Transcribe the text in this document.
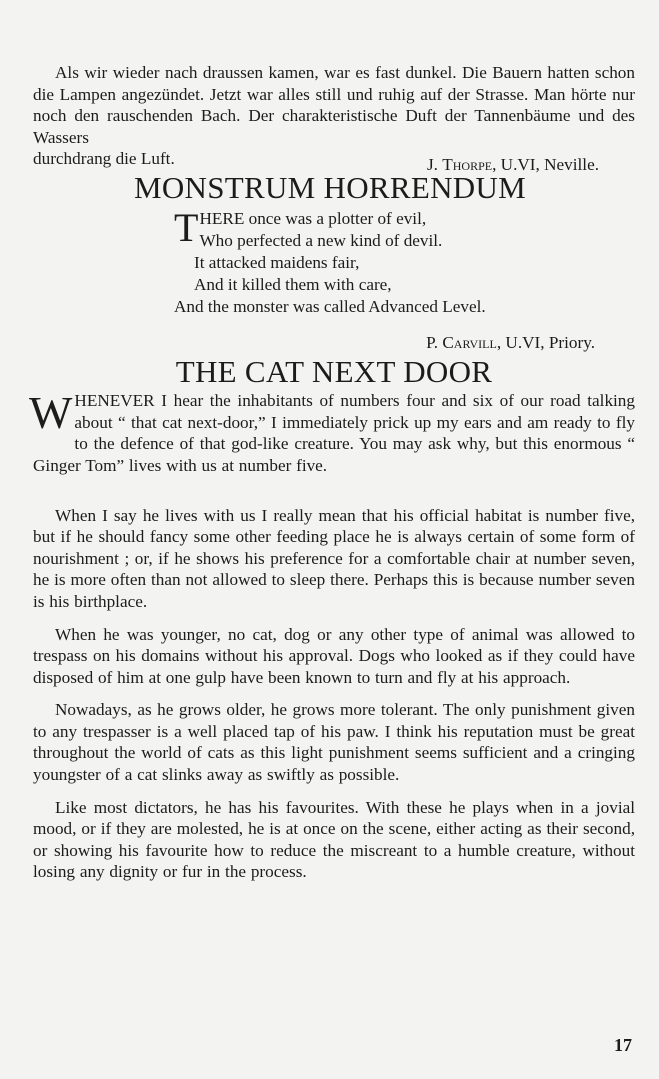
Als wir wieder nach draussen kamen, war es fast dunkel. Die Bauern hatten schon die Lampen angezündet. Jetzt war alles still und ruhig auf der Strasse. Man hörte nur noch den rauschenden Bach. Der charakteristische Duft der Tannenbäume und des Wassers

durchdrang die Luft.	J. Thorpe, U.VI, Neville.
MONSTRUM HORRENDUM
T HERE once was a plotter of evil,
Who perfected a new kind of devil.
It attacked maidens fair,
And it killed them with care,
And the monster was called Advanced Level.
P. Carvill, U.VI, Priory.
THE CAT NEXT DOOR

WHENEVER I hear the inhabitants of numbers four and six of our road talking about “ that cat next-door,” I immediately prick up my ears and am ready to fly to the defence of that god-like creature. You may ask why, but this enormous “ Ginger Tom” lives with us at number five.

When I say he lives with us I really mean that his official habitat is number five, but if he should fancy some other feeding place he is always certain of some form of nourishment ; or, if he shows his preference for a comfortable chair at number seven, he is more often than not allowed to sleep there. Perhaps this is because number seven is his birthplace.

When he was younger, no cat, dog or any other type of animal was allowed to trespass on his domains without his approval. Dogs who looked as if they could have disposed of him at one gulp have been known to turn and fly at his approach.

Nowadays, as he grows older, he grows more tolerant. The only punishment given to any trespasser is a well placed tap of his paw. I think his reputation must be great throughout the world of cats as this light punishment seems sufficient and a cringing youngster of a cat slinks away as swiftly as possible.

Like most dictators, he has his favourites. With these he plays when in a jovial mood, or if they are molested, he is at once on the scene, either acting as their second, or showing his favourite how to reduce the miscreant to a humble creature, without losing any dignity or fur in the process.

17
